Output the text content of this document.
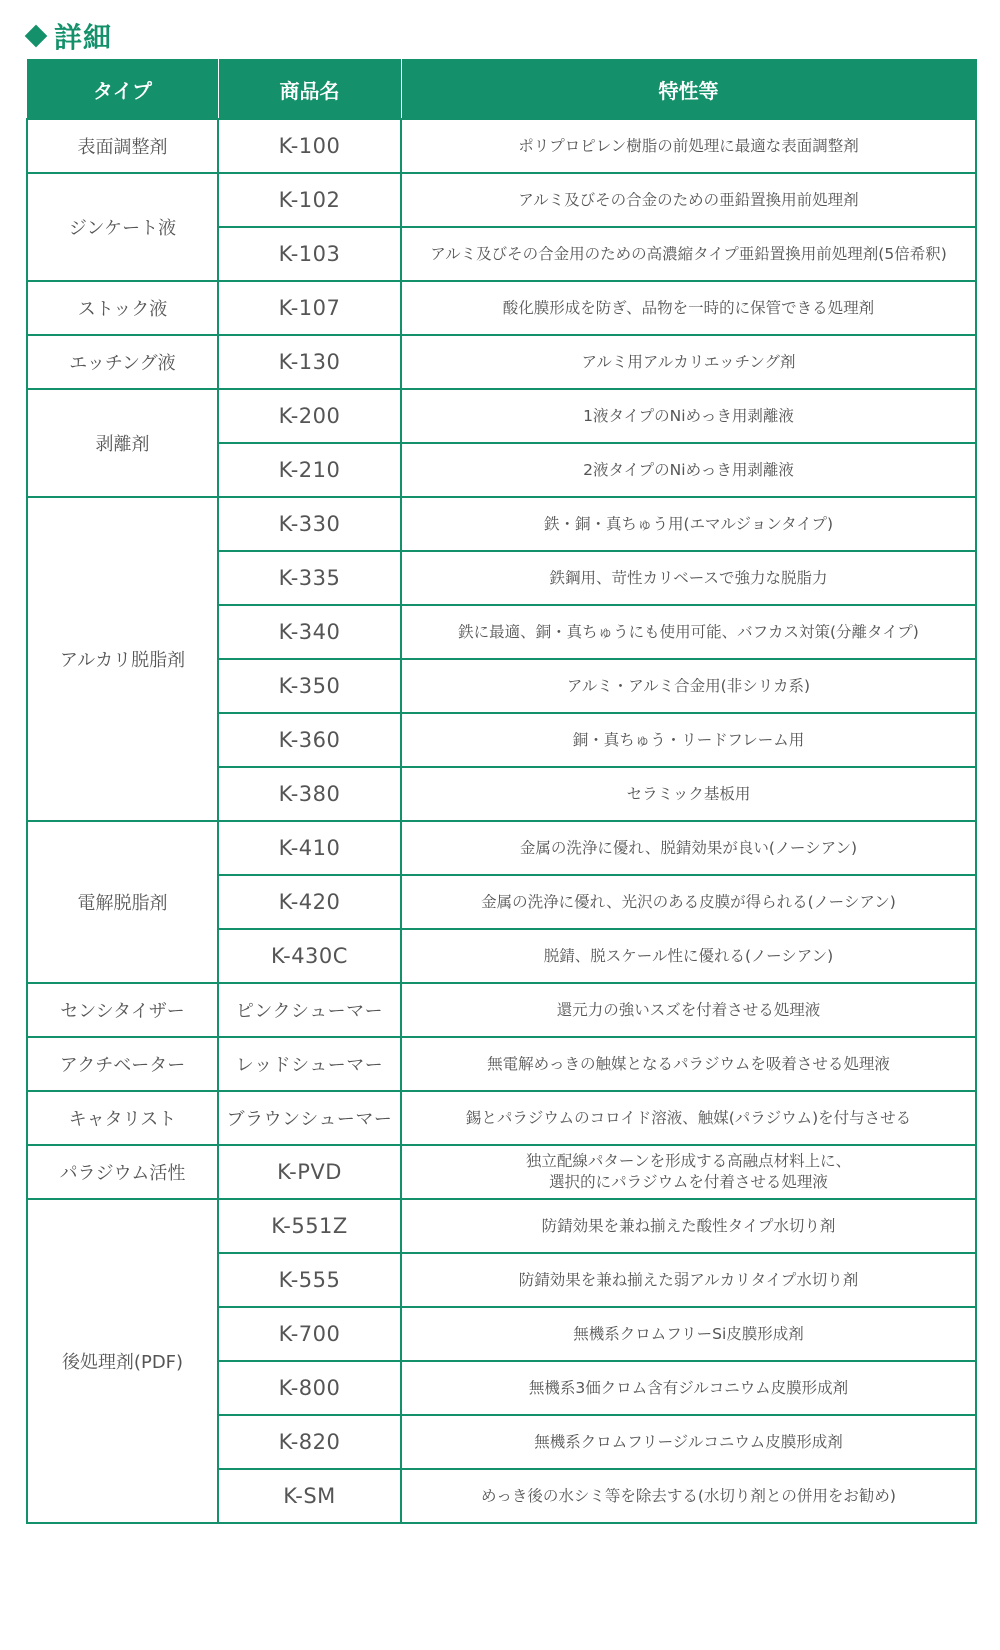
詳細
タイプ	商品名	特性等
表面調整剤	K-100	ポリプロピレン樹脂の前処理に最適な表面調整剤
ジンケート液	K-102	アルミ及びその合金のための亜鉛置換用前処理剤
	K-103	アルミ及びその合金用のための高濃縮タイプ亜鉛置換用前処理剤(5倍希釈)
ストック液	K-107	酸化膜形成を防ぎ、品物を一時的に保管できる処理剤
エッチング液	K-130	アルミ用アルカリエッチング剤
剥離剤	K-200	1液タイプのNiめっき用剥離液
	K-210	2液タイプのNiめっき用剥離液
アルカリ脱脂剤	K-330	鉄・銅・真ちゅう用(エマルジョンタイプ)
	K-335	鉄鋼用、苛性カリベースで強力な脱脂力
	K-340	鉄に最適、銅・真ちゅうにも使用可能、バフカス対策(分離タイプ)
	K-350	アルミ・アルミ合金用(非シリカ系)
	K-360	銅・真ちゅう・リードフレーム用
	K-380	セラミック基板用
電解脱脂剤	K-410	金属の洗浄に優れ、脱錆効果が良い(ノーシアン)
	K-420	金属の洗浄に優れ、光沢のある皮膜が得られる(ノーシアン)
	K-430C	脱錆、脱スケール性に優れる(ノーシアン)
センシタイザー	ピンクシューマー	還元力の強いスズを付着させる処理液
アクチベーター	レッドシューマー	無電解めっきの触媒となるパラジウムを吸着させる処理液
キャタリスト	ブラウンシューマー	錫とパラジウムのコロイド溶液、触媒(パラジウム)を付与させる
パラジウム活性	K-PVD	独立配線パターンを形成する高融点材料上に、
選択的にパラジウムを付着させる処理液
後処理剤(PDF)	K-551Z	防錆効果を兼ね揃えた酸性タイプ水切り剤
	K-555	防錆効果を兼ね揃えた弱アルカリタイプ水切り剤
	K-700	無機系クロムフリーSi皮膜形成剤
	K-800	無機系3価クロム含有ジルコニウム皮膜形成剤
	K-820	無機系クロムフリージルコニウム皮膜形成剤
	K-SM	めっき後の水シミ等を除去する(水切り剤との併用をお勧め)
